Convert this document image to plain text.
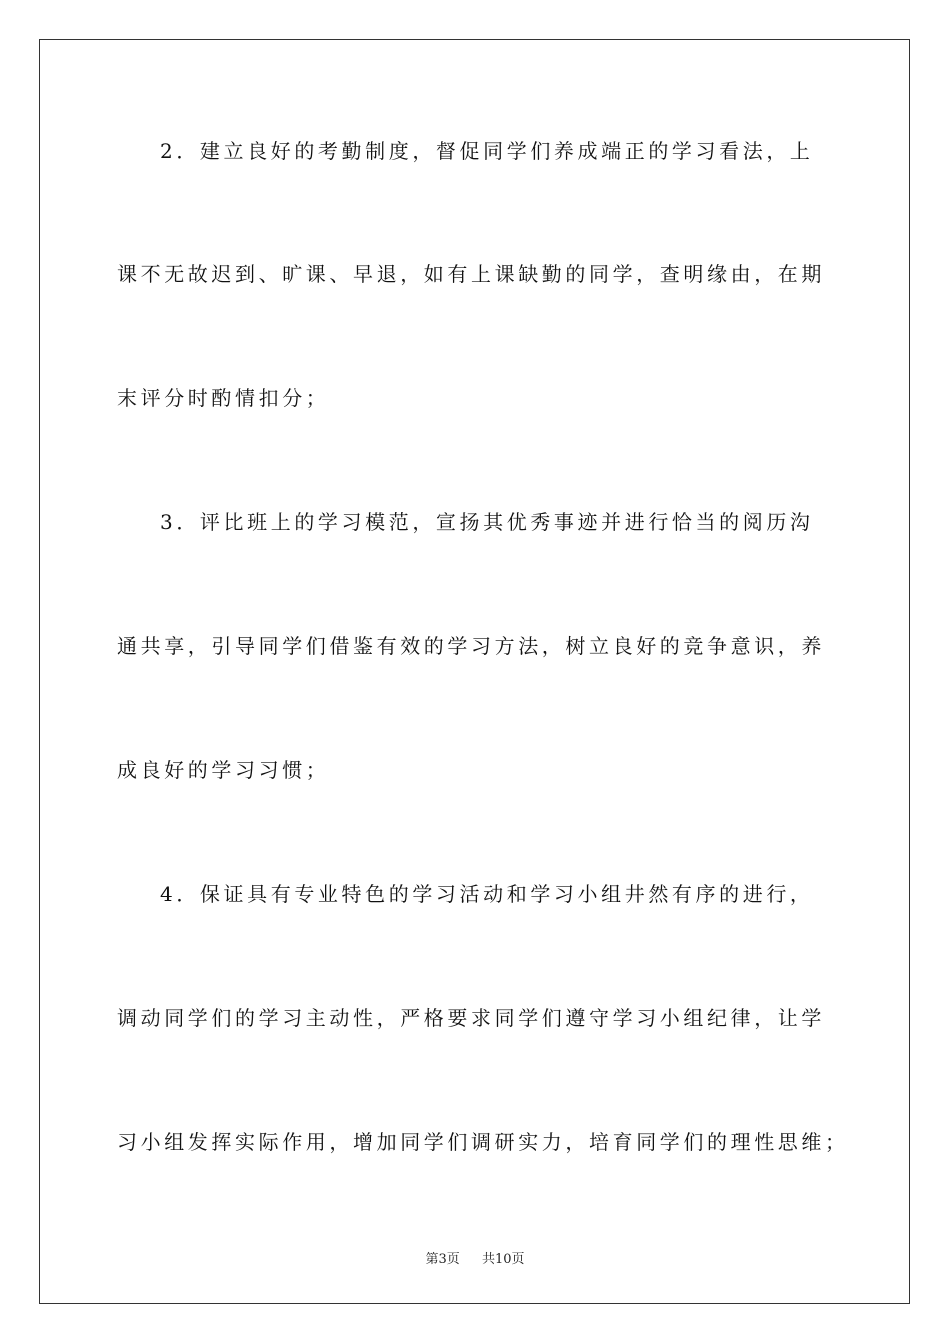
2．建立良好的考勤制度，督促同学们养成端正的学习看法，上
课不无故迟到、旷课、早退，如有上课缺勤的同学，查明缘由，在期
末评分时酌情扣分；
3．评比班上的学习模范，宣扬其优秀事迹并进行恰当的阅历沟
通共享，引导同学们借鉴有效的学习方法，树立良好的竞争意识，养
成良好的学习习惯；
4．保证具有专业特色的学习活动和学习小组井然有序的进行，
调动同学们的学习主动性，严格要求同学们遵守学习小组纪律，让学
习小组发挥实际作用，增加同学们调研实力，培育同学们的理性思维；
第3页 共10页
